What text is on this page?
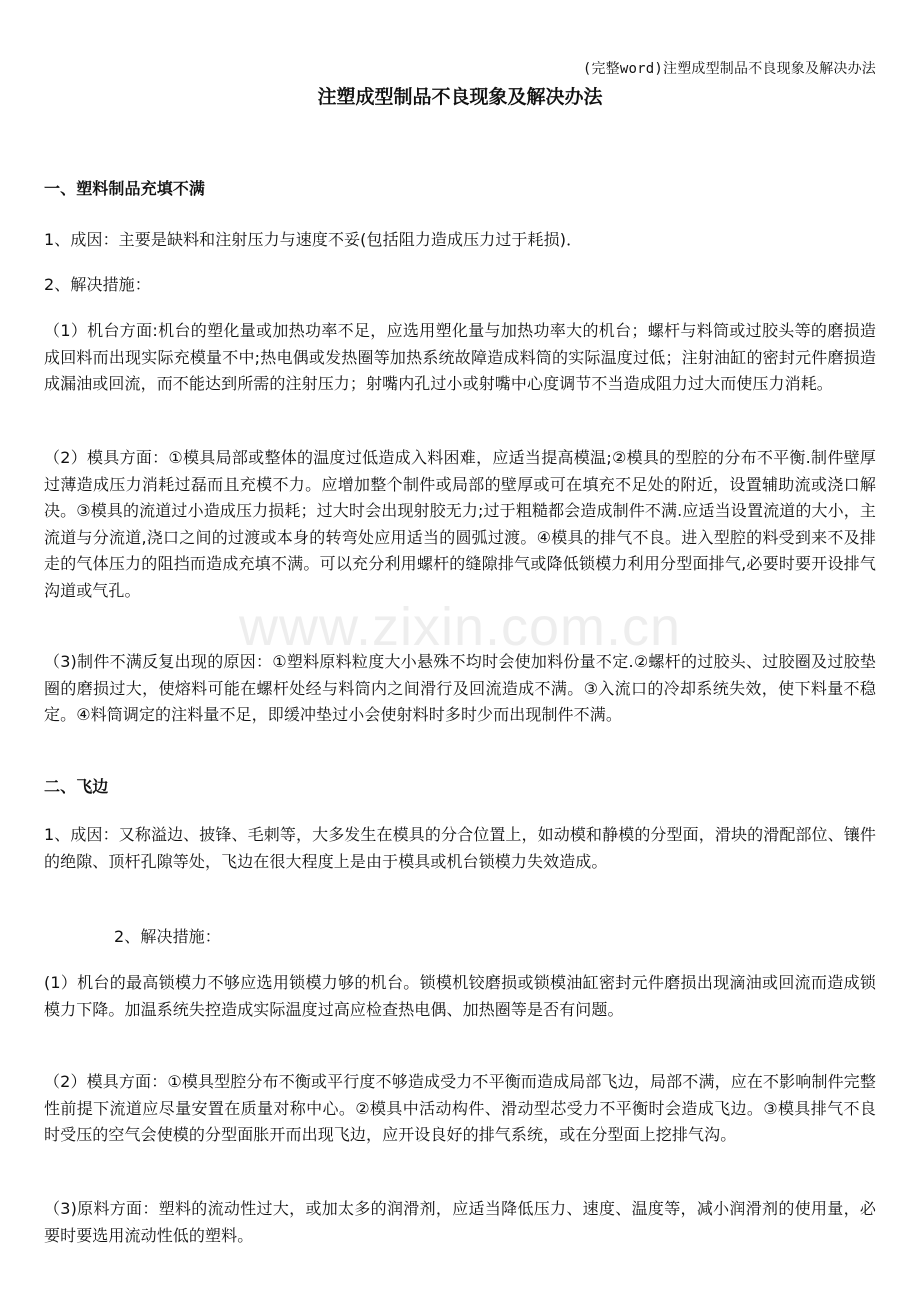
(完整word)注塑成型制品不良现象及解决办法
注塑成型制品不良现象及解决办法
www.zixin.com.cn
一、塑料制品充填不满
1、成因：主要是缺料和注射压力与速度不妥(包括阻力造成压力过于耗损)．
2、解决措施：
（1）机台方面:机台的塑化量或加热功率不足，应选用塑化量与加热功率大的机台；螺杆与料筒或过胶头等的磨损造成回料而出现实际充模量不中;热电偶或发热圈等加热系统故障造成料筒的实际温度过低；注射油缸的密封元件磨损造成漏油或回流，而不能达到所需的注射压力；射嘴内孔过小或射嘴中心度调节不当造成阻力过大而使压力消耗。
（2）模具方面：①模具局部或整体的温度过低造成入料困难，应适当提高模温;②模具的型腔的分布不平衡.制件壁厚过薄造成压力消耗过磊而且充模不力。应增加整个制件或局部的壁厚或可在填充不足处的附近，设置辅助流或浇口解决。③模具的流道过小造成压力损耗；过大时会出现射胶无力;过于粗糙都会造成制件不满.应适当设置流道的大小，主流道与分流道,浇口之间的过渡或本身的转弯处应用适当的圆弧过渡。④模具的排气不良。进入型腔的料受到来不及排走的气体压力的阻挡而造成充填不满。可以充分利用螺杆的缝隙排气或降低锁模力利用分型面排气,必要时要开设排气沟道或气孔。
（3)制件不满反复出现的原因：①塑料原料粒度大小悬殊不均时会使加料份量不定.②螺杆的过胶头、过胶圈及过胶垫圈的磨损过大，使熔料可能在螺杆处经与料筒内之间滑行及回流造成不满。③入流口的冷却系统失效，使下料量不稳定。④料筒调定的注料量不足，即缓冲垫过小会使射料时多时少而出现制件不满。
二、飞边
1、成因：又称溢边、披锋、毛刺等，大多发生在模具的分合位置上，如动模和静模的分型面，滑块的滑配部位、镶件的绝隙、顶杆孔隙等处，飞边在很大程度上是由于模具或机台锁模力失效造成。
2、解决措施：
(1）机台的最高锁模力不够应选用锁模力够的机台。锁模机铰磨损或锁模油缸密封元件磨损出现滴油或回流而造成锁模力下降。加温系统失控造成实际温度过高应检查热电偶、加热圈等是否有问题。
（2）模具方面：①模具型腔分布不衡或平行度不够造成受力不平衡而造成局部飞边，局部不满，应在不影响制件完整性前提下流道应尽量安置在质量对称中心。②模具中活动构件、滑动型芯受力不平衡时会造成飞边。③模具排气不良时受压的空气会使模的分型面胀开而出现飞边，应开设良好的排气系统，或在分型面上挖排气沟。
（3)原料方面：塑料的流动性过大，或加太多的润滑剂，应适当降低压力、速度、温度等，减小润滑剂的使用量，必要时要选用流动性低的塑料。
